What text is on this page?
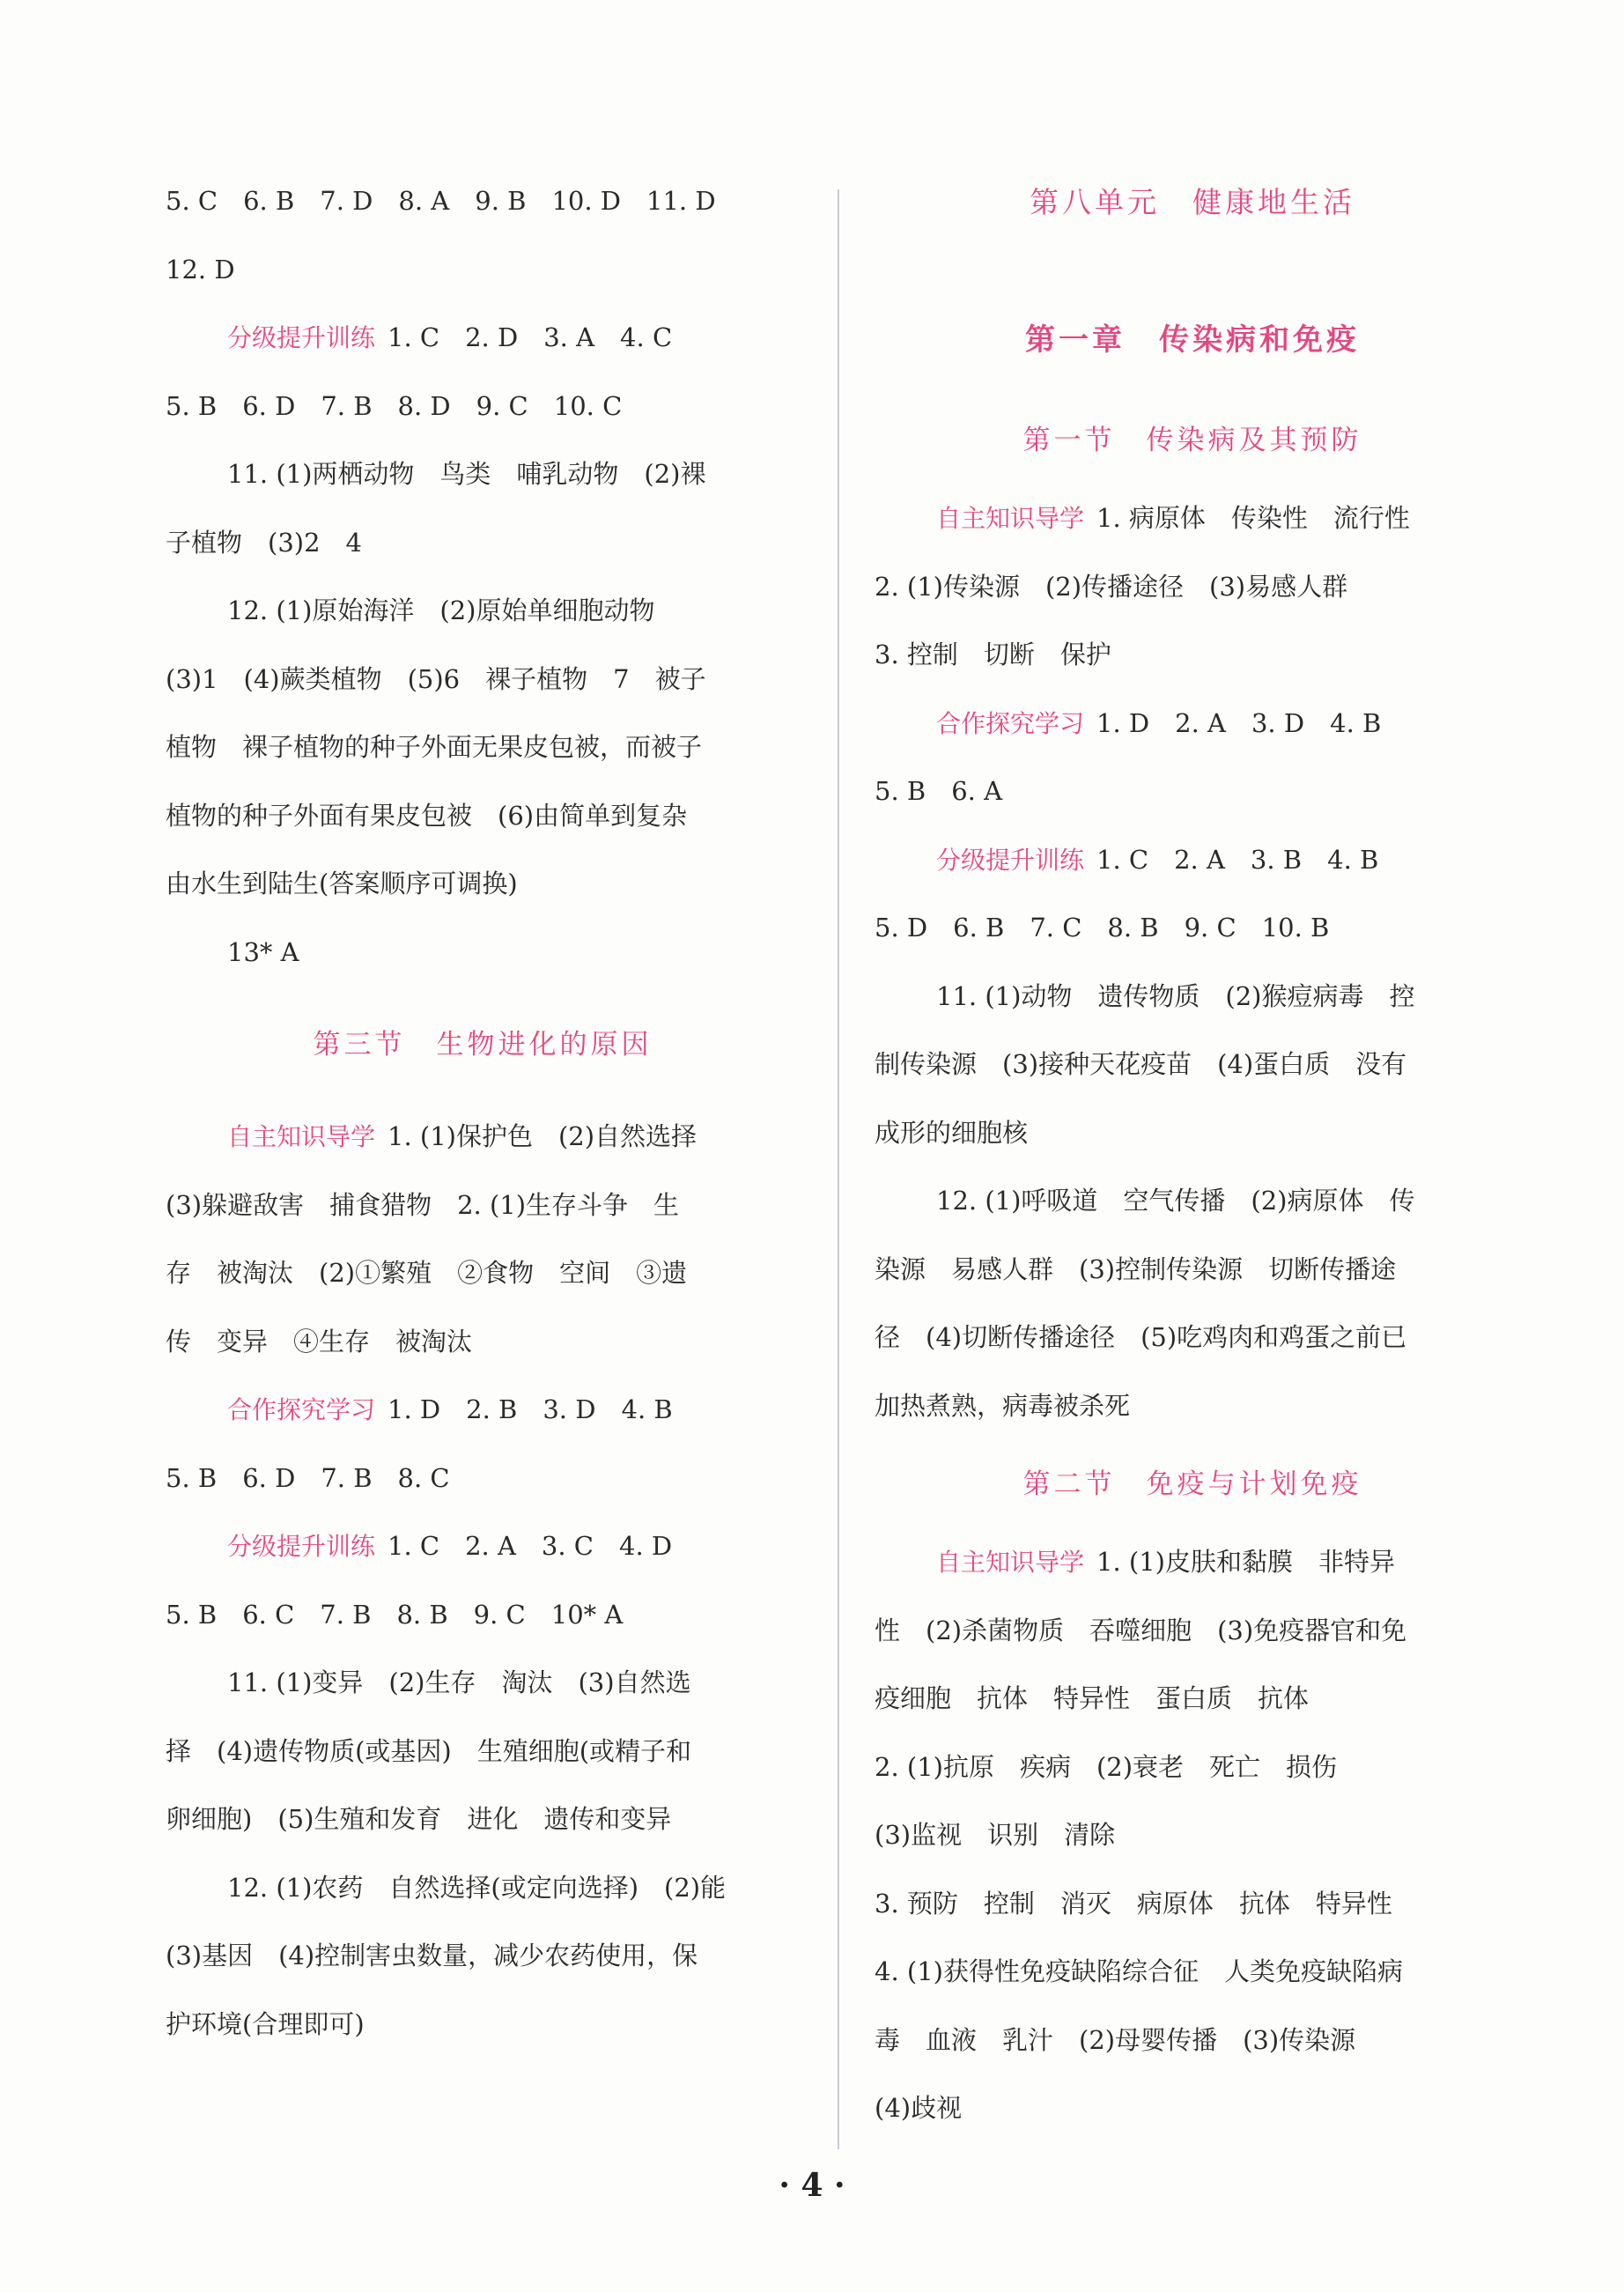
5. C　6. B　7. D　8. A　9. B　10. D　11. D
12. D
分级提升训练 1. C　2. D　3. A　4. C
5. B　6. D　7. B　8. D　9. C　10. C
11. (1)两栖动物　鸟类　哺乳动物　(2)裸
子植物　(3)2　4
12. (1)原始海洋　(2)原始单细胞动物
(3)1　(4)蕨类植物　(5)6　裸子植物　7　被子
植物　裸子植物的种子外面无果皮包被，而被子
植物的种子外面有果皮包被　(6)由简单到复杂
由水生到陆生(答案顺序可调换)
13* A
第三节　生物进化的原因
自主知识导学 1. (1)保护色　(2)自然选择
(3)躲避敌害　捕食猎物　2. (1)生存斗争　生
存　被淘汰　(2)①繁殖　②食物　空间　③遗
传　变异　④生存　被淘汰
合作探究学习 1. D　2. B　3. D　4. B
5. B　6. D　7. B　8. C
分级提升训练 1. C　2. A　3. C　4. D
5. B　6. C　7. B　8. B　9. C　10* A
11. (1)变异　(2)生存　淘汰　(3)自然选
择　(4)遗传物质(或基因)　生殖细胞(或精子和
卵细胞)　(5)生殖和发育　进化　遗传和变异
12. (1)农药　自然选择(或定向选择)　(2)能
(3)基因　(4)控制害虫数量，减少农药使用，保
护环境(合理即可)
第八单元　健康地生活
第一章　传染病和免疫
第一节　传染病及其预防
自主知识导学 1. 病原体　传染性　流行性
2. (1)传染源　(2)传播途径　(3)易感人群
3. 控制　切断　保护
合作探究学习 1. D　2. A　3. D　4. B
5. B　6. A
分级提升训练 1. C　2. A　3. B　4. B
5. D　6. B　7. C　8. B　9. C　10. B
11. (1)动物　遗传物质　(2)猴痘病毒　控
制传染源　(3)接种天花疫苗　(4)蛋白质　没有
成形的细胞核
12. (1)呼吸道　空气传播　(2)病原体　传
染源　易感人群　(3)控制传染源　切断传播途
径　(4)切断传播途径　(5)吃鸡肉和鸡蛋之前已
加热煮熟，病毒被杀死
第二节　免疫与计划免疫
自主知识导学 1. (1)皮肤和黏膜　非特异
性　(2)杀菌物质　吞噬细胞　(3)免疫器官和免
疫细胞　抗体　特异性　蛋白质　抗体
2. (1)抗原　疾病　(2)衰老　死亡　损伤
(3)监视　识别　清除
3. 预防　控制　消灭　病原体　抗体　特异性
4. (1)获得性免疫缺陷综合征　人类免疫缺陷病
毒　血液　乳汁　(2)母婴传播　(3)传染源
(4)歧视
· 4 ·
